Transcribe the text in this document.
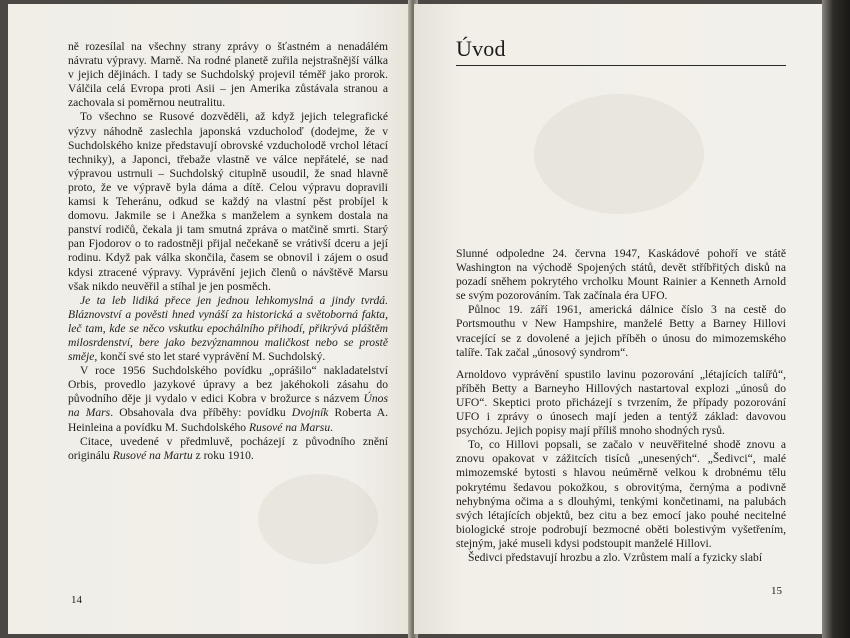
ně rozesílal na všechny strany zprávy o šťastném a nenadálém návratu výpravy. Marně. Na rodné planetě zuřila nejstrašnější válka v jejich dějinách. I tady se Suchdolský projevil téměř jako prorok. Válčila celá Evropa proti Asii – jen Amerika zůstávala stranou a zachovala si poměrnou neutralitu.

To všechno se Rusové dozvěděli, až když jejich telegrafické výzvy náhodně zaslechla japonská vzducholoď (dodejme, že v Suchdolského knize představují obrovské vzducholodě vrchol létací techniky), a Japonci, třebaže vlastně ve válce nepřátelé, se nad výpravou ustrnuli – Suchdolský cituplně usoudil, že snad hlavně proto, že ve výpravě byla dáma a dítě. Celou výpravu dopravili kamsi k Teheránu, odkud se každý na vlastní pěst probíjel k domovu. Jakmile se i Anežka s manželem a synkem dostala na panství rodičů, čekala ji tam smutná zpráva o matčině smrti. Starý pan Fjodorov o to radostněji přijal nečekaně se vrátivší dceru a její rodinu. Když pak válka skončila, časem se obnovil i zájem o osud kdysi ztracené výpravy. Vyprávění jejich členů o návštěvě Marsu však nikdo neuvěřil a stíhal je jen posměch.

Je ta leb lidiká přece jen jednou lehkomyslná a jindy tvrdá. Bláznovství a pověsti hned vynáší za historická a světoborná fakta, leč tam, kde se něco vskutku epochálního přihodí, přikrývá pláštěm milosrdenství, bere jako bezvýznamnou maličkost nebo se prostě směje, končí své sto let staré vyprávění M. Suchdolský.

V roce 1956 Suchdolského povídku „oprášilo“ nakladatelství Orbis, provedlo jazykové úpravy a bez jakéhokoli zásahu do původního děje ji vydalo v edici Kobra v brožurce s názvem Únos na Mars. Obsahovala dva příběhy: povídku Dvojník Roberta A. Heinleina a povídku M. Suchdolského Rusové na Marsu.

Citace, uvedené v předmluvě, pocházejí z původního znění originálu Rusové na Martu z roku 1910.

14
Úvod

Slunné odpoledne 24. června 1947, Kaskádové pohoří ve státě Washington na východě Spojených států, devět stříbřitých disků na pozadí sněhem pokrytého vrcholku Mount Rainier a Kenneth Arnold se svým pozorováním. Tak začínala éra UFO.

Půlnoc 19. září 1961, americká dálnice číslo 3 na cestě do Portsmouthu v New Hampshire, manželé Betty a Barney Hillovi vracející se z dovolené a jejich příběh o únosu do mimozemského talíře. Tak začal „únosový syndrom“.

Arnoldovo vyprávění spustilo lavinu pozorování „létajících talířů“, příběh Betty a Barneyho Hillových nastartoval explozi „únosů do UFO“. Skeptici proto přicházejí s tvrzením, že případy pozorování UFO i zprávy o únosech mají jeden a tentýž základ: davovou psychózu. Jejich popisy mají příliš mnoho shodných rysů.

To, co Hillovi popsali, se začalo v neuvěřitelné shodě znovu a znovu opakovat v zážitcích tisíců „unesených“. „Šedivci“, malé mimozemské bytosti s hlavou neúměrně velkou k drobnému tělu pokrytému šedavou pokožkou, s obrovitýma, černýma a podivně nehybnýma očima a s dlouhými, tenkými končetinami, na palubách svých létajících objektů, bez citu a bez emocí jako pouhé necitelné biologické stroje podrobují bezmocné oběti bolestivým vyšetřením, stejným, jaké museli kdysi podstoupit manželé Hillovi.

Šedivci představují hrozbu a zlo. Vzrůstem malí a fyzicky slabí

15
